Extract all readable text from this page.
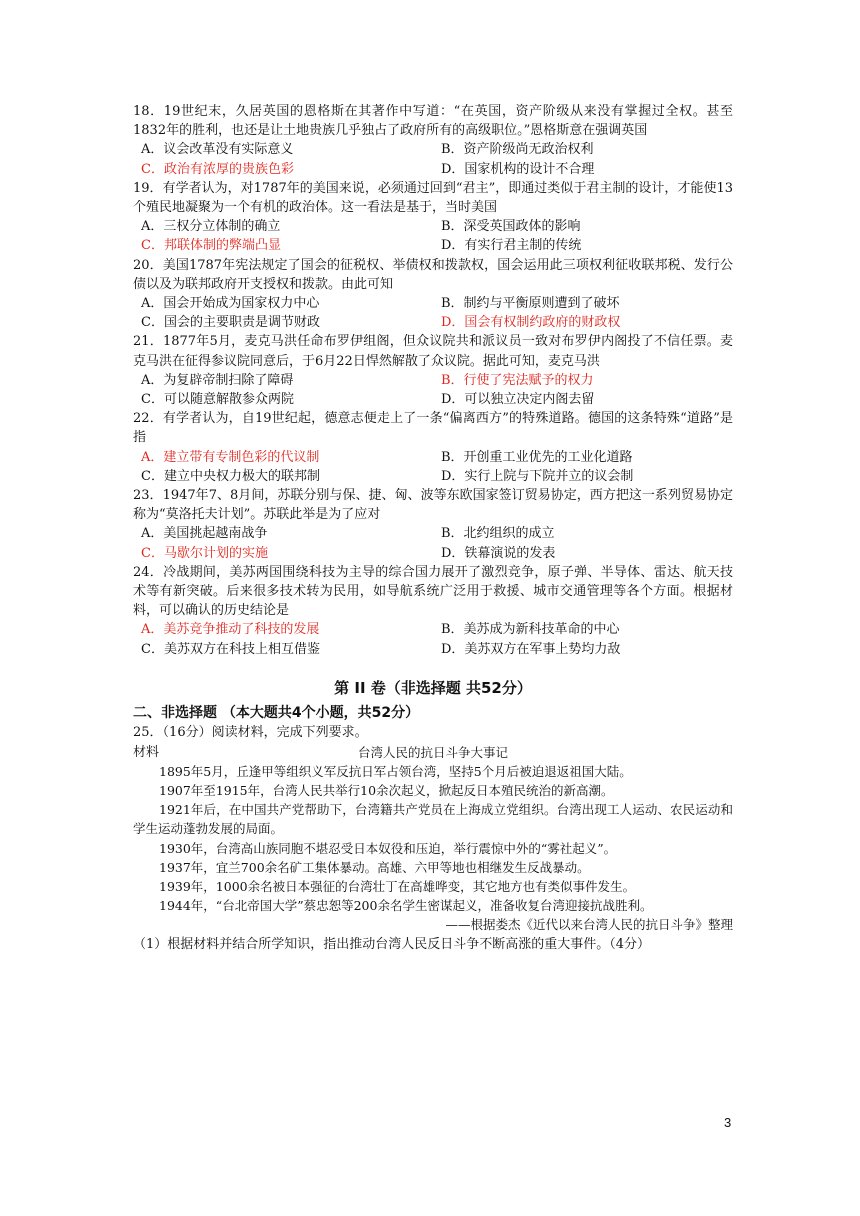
18．19世纪末，久居英国的恩格斯在其著作中写道：“在英国，资产阶级从来没有掌握过全权。甚至1832年的胜利，也还是让土地贵族几乎独占了政府所有的高级职位。”恩格斯意在强调英国
A．议会改革没有实际意义	B．资产阶级尚无政治权利
C．政治有浓厚的贵族色彩	D．国家机构的设计不合理
19．有学者认为，对1787年的美国来说，必须通过回到“君主”，即通过类似于君主制的设计，才能使13个殖民地凝聚为一个有机的政治体。这一看法是基于，当时美国
A．三权分立体制的确立	B．深受英国政体的影响
C．邦联体制的弊端凸显	D．有实行君主制的传统
20．美国1787年宪法规定了国会的征税权、举债权和拨款权，国会运用此三项权利征收联邦税、发行公债以及为联邦政府开支授权和拨款。由此可知
A．国会开始成为国家权力中心	B．制约与平衡原则遭到了破坏
C．国会的主要职责是调节财政	D．国会有权制约政府的财政权
21．1877年5月，麦克马洪任命布罗伊组阁，但众议院共和派议员一致对布罗伊内阁投了不信任票。麦克马洪在征得参议院同意后，于6月22日悍然解散了众议院。据此可知，麦克马洪
A．为复辟帝制扫除了障碍	B．行使了宪法赋予的权力
C．可以随意解散参众两院	D．可以独立决定内阁去留
22．有学者认为，自19世纪起，德意志便走上了一条“偏离西方”的特殊道路。德国的这条特殊“道路”是指
A．建立带有专制色彩的代议制	B．开创重工业优先的工业化道路
C．建立中央权力极大的联邦制	D．实行上院与下院并立的议会制
23．1947年7、8月间，苏联分别与保、捷、匈、波等东欧国家签订贸易协定，西方把这一系列贸易协定称为“莫洛托夫计划”。苏联此举是为了应对
A．美国挑起越南战争	B．北约组织的成立
C．马歇尔计划的实施	D．铁幕演说的发表
24．冷战期间，美苏两国围绕科技为主导的综合国力展开了激烈竞争，原子弹、半导体、雷达、航天技术等有新突破。后来很多技术转为民用，如导航系统广泛用于救援、城市交通管理等各个方面。根据材料，可以确认的历史结论是
A．美苏竞争推动了科技的发展	B．美苏成为新科技革命的中心
C．美苏双方在科技上相互借鉴	D．美苏双方在军事上势均力敌
第 II 卷（非选择题 共52分）
二、非选择题 （本大题共4个小题，共52分）
25．（16分）阅读材料，完成下列要求。
材料	台湾人民的抗日斗争大事记
1895年5月，丘逢甲等组织义军反抗日军占领台湾，坚持5个月后被迫退返祖国大陆。
1907年至1915年，台湾人民共举行10余次起义，掀起反日本殖民统治的新高潮。
1921年后，在中国共产党帮助下，台湾籍共产党员在上海成立党组织。台湾出现工人运动、农民运动和学生运动蓬勃发展的局面。
1930年，台湾高山族同胞不堪忍受日本奴役和压迫，举行震惊中外的“雾社起义”。
1937年，宜兰700余名矿工集体暴动。高雄、六甲等地也相继发生反战暴动。
1939年，1000余名被日本强征的台湾壮丁在高雄哗变，其它地方也有类似事件发生。
1944年，“台北帝国大学”蔡忠恕等200余名学生密谋起义，准备收复台湾迎接抗战胜利。
——根据娄杰《近代以来台湾人民的抗日斗争》整理
（1）根据材料并结合所学知识，指出推动台湾人民反日斗争不断高涨的重大事件。（4分）
3
